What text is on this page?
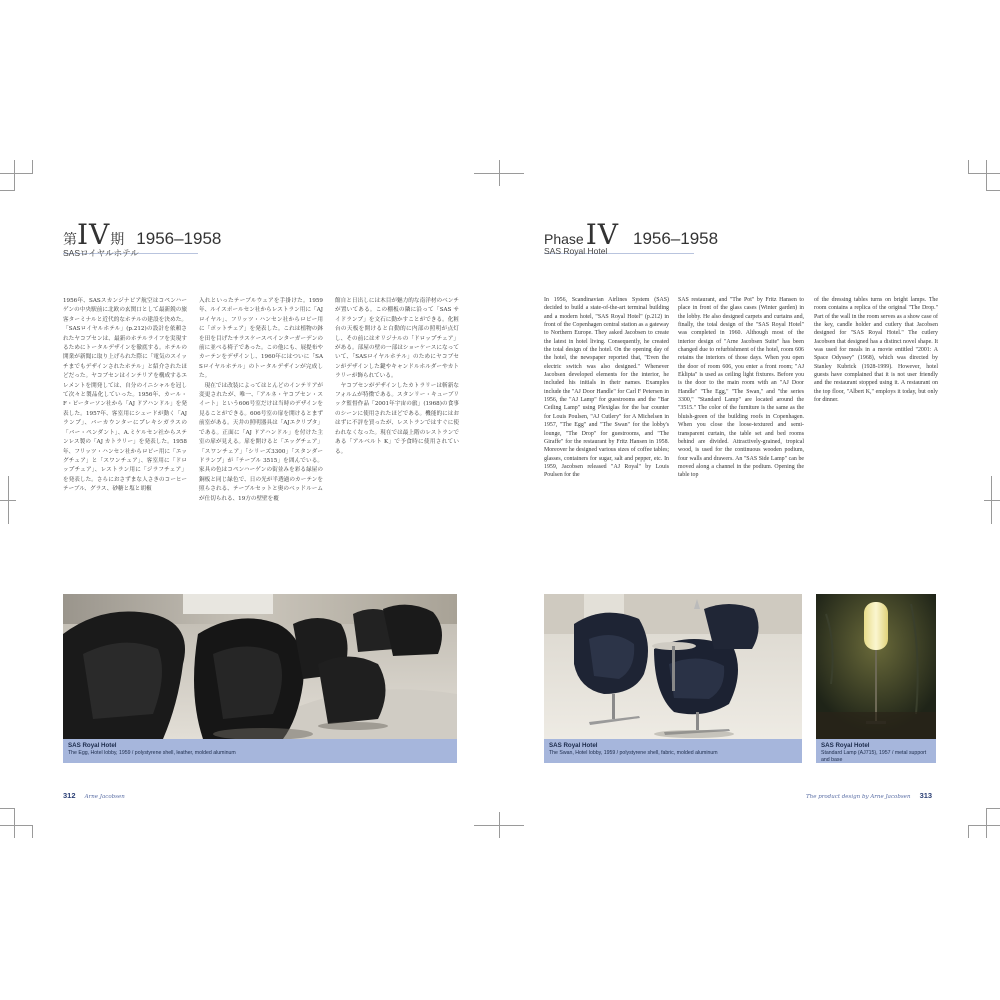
第IV期 1956–1958
SASロイヤルホテル
1956年、SASスカンジナビア航空はコペンハーゲンの中央駅前に北欧の玄関口として最新鋭の旅客ターミナルと近代的なホテルの建設を決めた。「SASロイヤルホテル」(p.212)の設計を依頼されたヤコブセンは、最新のホテルライフを実現するためにトータルデザインを徹底する。ホテルの開業が新聞に取り上げられた際に「電気のスイッチまでもデザインされたホテル」と紹介されたほどだった。ヤコブセンはインテリアを構成するエレメントを開発しては、自分のイニシャルを冠して次々と製品化していった。1956年、カール・F・ピーターソン社から「AJ ドアハンドル」を発表した。1957年、客室用にシェードが動く「AJ ランプ」、バーカウンターにプレキシガラスの「バー・ペンダント」、A.ミケルセン社からステンレス製の「AJ カトラリー」を発表した。1958年、フリッツ・ハンセン社からロビー用に「エッグチェア」と「スワンチェア」、客室用に「ドロップチェア」、レストラン用に「ジラフチェア」を発表した。さらにおさずまな人さきのコーヒーテーブル、グラス、砂糖と塩と胡椒
入れといったテーブルウェアを手掛けた。1959年、ルイスポールセン社からレストラン用に「AJ ロイヤル」、フリッツ・ハンセン社からロビー用に「ポットチェア」を発表した。これは植物の鉢を田を目げたサラスケースペインターガーデンの前に並べる椅子であった。この他にも、展提布やカーテンをデザインし、1960年にはついに「SASロイヤルホテル」のトータルデザインが完成した。
　現在では改装によってはとんどのインテリアが変更されたが、唯一、「アルネ・ヤコブセン・スイート」という606号室だけは当時のデザインを見ることができる。606号室の扉を開けるとまず前室がある。天井の照明器具は「AJエクリプタ」である。正面に「AJ ドアハンドル」を付けた主室の扉が見える。扉を開けると「エッグチェア」「スワンチェア」「シリーズ3300」「スタンダードランプ」が「テーブル 3515」を囲んでいる。家具の色はコペンハーゲンの街並みを彩る緑屋の銅板と同じ緑色で、日の光が半透過のカーテンを照らされる、テーブルセットと奥のベッドルームが仕切られる、19方の壁壁を覆
館自と日出しには木目が魅力的な南洋材のベンチが置いてある。この棚板の隣に沿って「SAS サイドランプ」を文石に動かすことができる。化粧台の天板を開けると白動的に内部の照明が点灯し、その前にはオリジナルの「ドロップチェア」がある。部屋の壁の一部はショーケースになっていて、「SASロイヤルホテル」のためにヤコブセンがデザインした鍵やキャンドルホルダーやカトラリーが飾られている。
　ヤコブセンがデザインしたカトラリーは斬新なフォルムが特徴である。スタンリー・キューブリック監督作品「2001年宇宙の旅」(1968)の食事のシーンに使用されたほどである。機能的にはおはずに不評を買ったが、レストランではすぐに使われなくなった。現在では最上階のレストランである「アルベルト K」で予食時に使用されている。
SAS Royal Hotel
The Egg, Hotel lobby, 1959 / polystyrene shell, leather, molded aluminum
312 Arne Jacobsen
PhaseIV 1956–1958
SAS Royal Hotel
In 1956, Scandinavian Airlines System (SAS) decided to build a state-of-the-art terminal building and a modern hotel, "SAS Royal Hotel" (p.212) in front of the Copenhagen central station as a gateway to Northern Europe. They asked Jacobsen to create the latest in hotel living. Consequently, he created the total design of the hotel. On the opening day of the hotel, the newspaper reported that, "Even the electric switch was also designed." Whenever Jacobsen developed elements for the interior, he included his initials in their names. Examples include the "AJ Door Handle" for Carl F Petersen in 1956, the "AJ Lamp" for guestrooms and the "Bar Ceiling Lamp" using Plexiglas for the bar counter for Louis Poulsen, "AJ Cutlery" for A Michelsen in 1957, "The Egg" and "The Swan" for the lobby's lounge, "The Drop" for guestrooms, and "The Giraffe" for the restaurant by Fritz Hansen in 1958. Moreover he designed various sizes of coffee tables; glasses, containers for sugar, salt and pepper, etc. In 1959, Jacobsen released "AJ Royal" by Louis Poulsen for the
SAS restaurant, and "The Pot" by Fritz Hansen to place in front of the glass cases (Winter garden) in the lobby. He also designed carpets and curtains and, finally, the total design of the "SAS Royal Hotel" was completed in 1960. Although most of the interior design of "Arne Jacobsen Suite" has been changed due to refurbishment of the hotel, room 606 retains the interiors of those days. When you open the door of room 606, you enter a front room; "AJ Eklipta" is used as ceiling light fixtures. Before you is the door to the main room with an "AJ Door Handle" "The Egg," "The Swan," and "the series 3300," "Standard Lamp" are located around the "3515." The color of the furniture is the same as the bluish-green of the building roofs in Copenhagen. When you close the loose-textured and semi-transparent curtain, the table set and bed rooms behind are divided. Attractively-grained, tropical wood, is used for the continuous wooden podium, four walls and drawers. An "SAS Side Lamp" can be moved along a channel in the podium. Opening the table top
of the dressing tables turns on bright lamps. The room contains a replica of the original "The Drop." Part of the wall in the room serves as a show case of the key, candle holder and cutlery that Jacobsen designed for "SAS Royal Hotel." The cutlery Jacobsen that designed has a distinct novel shape. It was used for meals in a movie entitled "2001: A Space Odyssey" (1968), which was directed by Stanley Kubrick (1928-1999). However, hotel guests have complained that it is not user friendly and the restaurant stopped using it. A restaurant on the top floor, "Albert K," employs it today, but only for dinner.
SAS Royal Hotel
The Swan, Hotel lobby, 1959 / polystyrene shell, fabric, molded aluminum
SAS Royal Hotel
Standard Lamp (AJ715), 1957 / metal support and base
The product design by Arne Jacobsen 313
